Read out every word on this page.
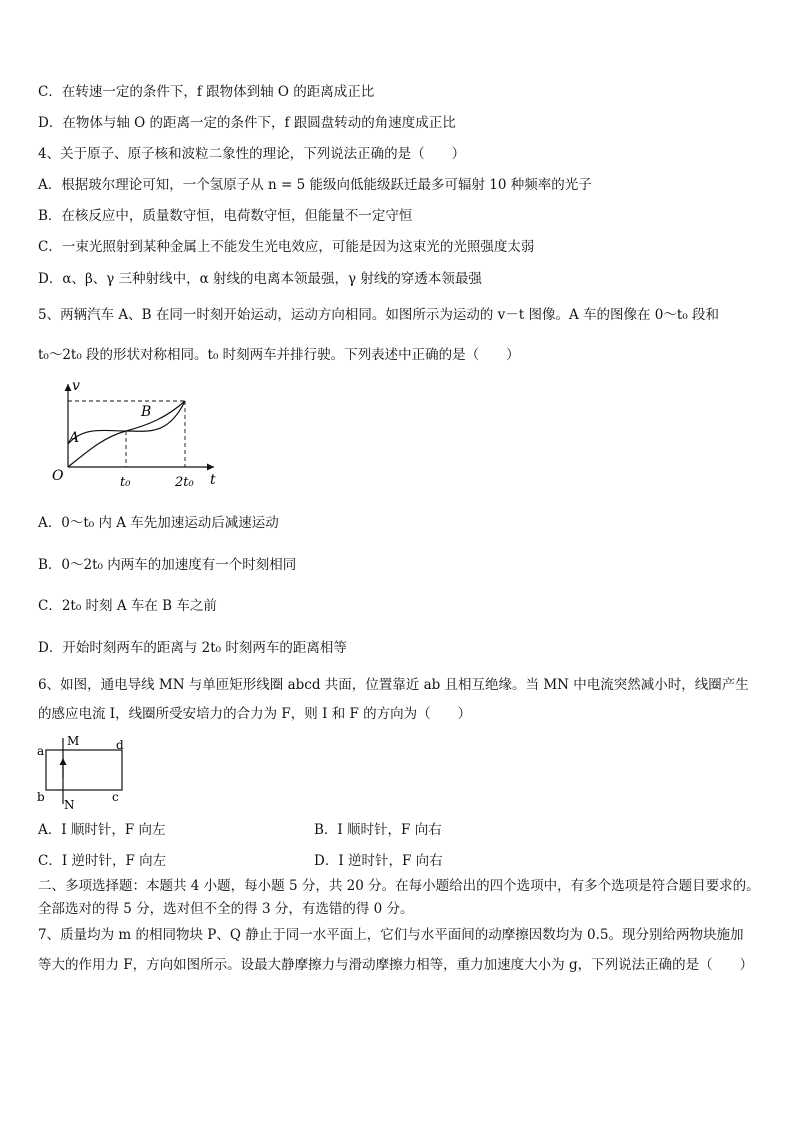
C．在转速一定的条件下，f 跟物体到轴 O 的距离成正比
D．在物体与轴 O 的距离一定的条件下，f 跟圆盘转动的角速度成正比
4、关于原子、原子核和波粒二象性的理论，下列说法正确的是（　　）
A．根据玻尔理论可知，一个氢原子从 n = 5 能级向低能级跃迁最多可辐射 10 种频率的光子
B．在核反应中，质量数守恒，电荷数守恒，但能量不一定守恒
C．一束光照射到某种金属上不能发生光电效应，可能是因为这束光的光照强度太弱
D．α、β、γ 三种射线中，α 射线的电离本领最强，γ 射线的穿透本领最强
5、两辆汽车 A、B 在同一时刻开始运动，运动方向相同。如图所示为运动的 v－t 图像。A 车的图像在 0～t₀ 段和
t₀～2t₀ 段的形状对称相同。t₀ 时刻两车并排行驶。下列表述中正确的是（　　）
v
t
O	t₀	2t₀
A
B
A．0～t₀ 内 A 车先加速运动后减速运动
B．0～2t₀ 内两车的加速度有一个时刻相同
C．2t₀ 时刻 A 车在 B 车之前
D．开始时刻两车的距离与 2t₀ 时刻两车的距离相等
6、如图，通电导线 MN 与单匝矩形线圈 abcd 共面，位置靠近 ab 且相互绝缘。当 MN 中电流突然减小时，线圈产生
的感应电流 I，线圈所受安培力的合力为 F，则 I 和 F 的方向为（　　）
a
b	c
d
M
N
A．I 顺时针，F 向左	B．I 顺时针，F 向右
C．I 逆时针，F 向左	D．I 逆时针，F 向右
二、多项选择题：本题共 4 小题，每小题 5 分，共 20 分。在每小题给出的四个选项中，有多个选项是符合题目要求的。
全部选对的得 5 分，选对但不全的得 3 分，有选错的得 0 分。
7、质量均为 m 的相同物块 P、Q 静止于同一水平面上，它们与水平面间的动摩擦因数均为 0.5。现分别给两物块施加
等大的作用力 F，方向如图所示。设最大静摩擦力与滑动摩擦力相等，重力加速度大小为 g，下列说法正确的是（　　）
